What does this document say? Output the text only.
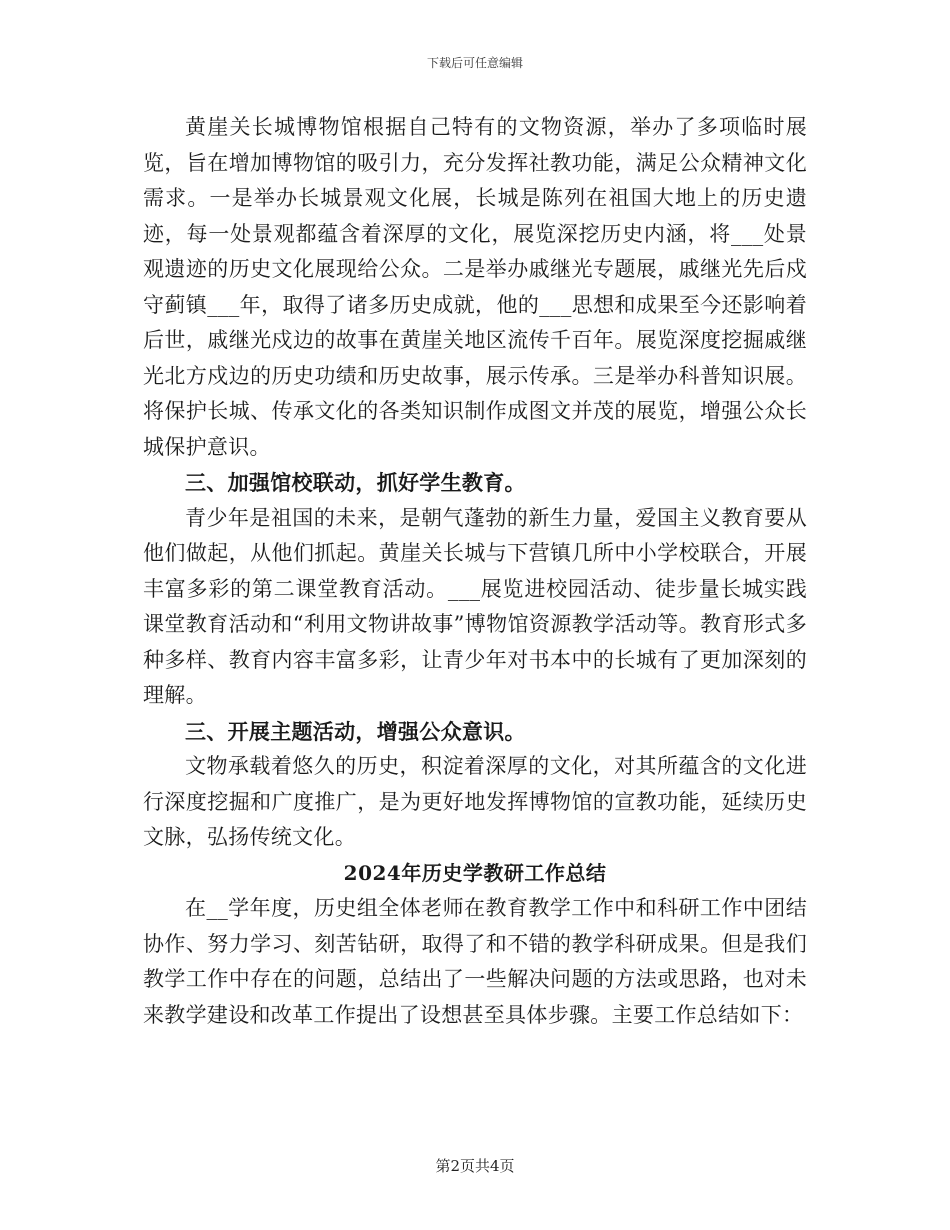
下载后可任意编辑

黄崖关长城博物馆根据自己特有的文物资源，举办了多项临时展览，旨在增加博物馆的吸引力，充分发挥社教功能，满足公众精神文化需求。一是举办长城景观文化展，长城是陈列在祖国大地上的历史遗迹，每一处景观都蕴含着深厚的文化，展览深挖历史内涵，将___处景观遗迹的历史文化展现给公众。二是举办戚继光专题展，戚继光先后戍守蓟镇___年，取得了诸多历史成就，他的___思想和成果至今还影响着后世，戚继光戍边的故事在黄崖关地区流传千百年。展览深度挖掘戚继光北方戍边的历史功绩和历史故事，展示传承。三是举办科普知识展。将保护长城、传承文化的各类知识制作成图文并茂的展览，增强公众长城保护意识。

三、加强馆校联动，抓好学生教育。

青少年是祖国的未来，是朝气蓬勃的新生力量，爱国主义教育要从他们做起，从他们抓起。黄崖关长城与下营镇几所中小学校联合，开展丰富多彩的第二课堂教育活动。___展览进校园活动、徒步量长城实践课堂教育活动和“利用文物讲故事”博物馆资源教学活动等。教育形式多种多样、教育内容丰富多彩，让青少年对书本中的长城有了更加深刻的理解。

三、开展主题活动，增强公众意识。

文物承载着悠久的历史，积淀着深厚的文化，对其所蕴含的文化进行深度挖掘和广度推广，是为更好地发挥博物馆的宣教功能，延续历史文脉，弘扬传统文化。

2024年历史学教研工作总结

在__学年度，历史组全体老师在教育教学工作中和科研工作中团结协作、努力学习、刻苦钻研，取得了和不错的教学科研成果。但是我们教学工作中存在的问题，总结出了一些解决问题的方法或思路，也对未来教学建设和改革工作提出了设想甚至具体步骤。主要工作总结如下：

第2页共4页
